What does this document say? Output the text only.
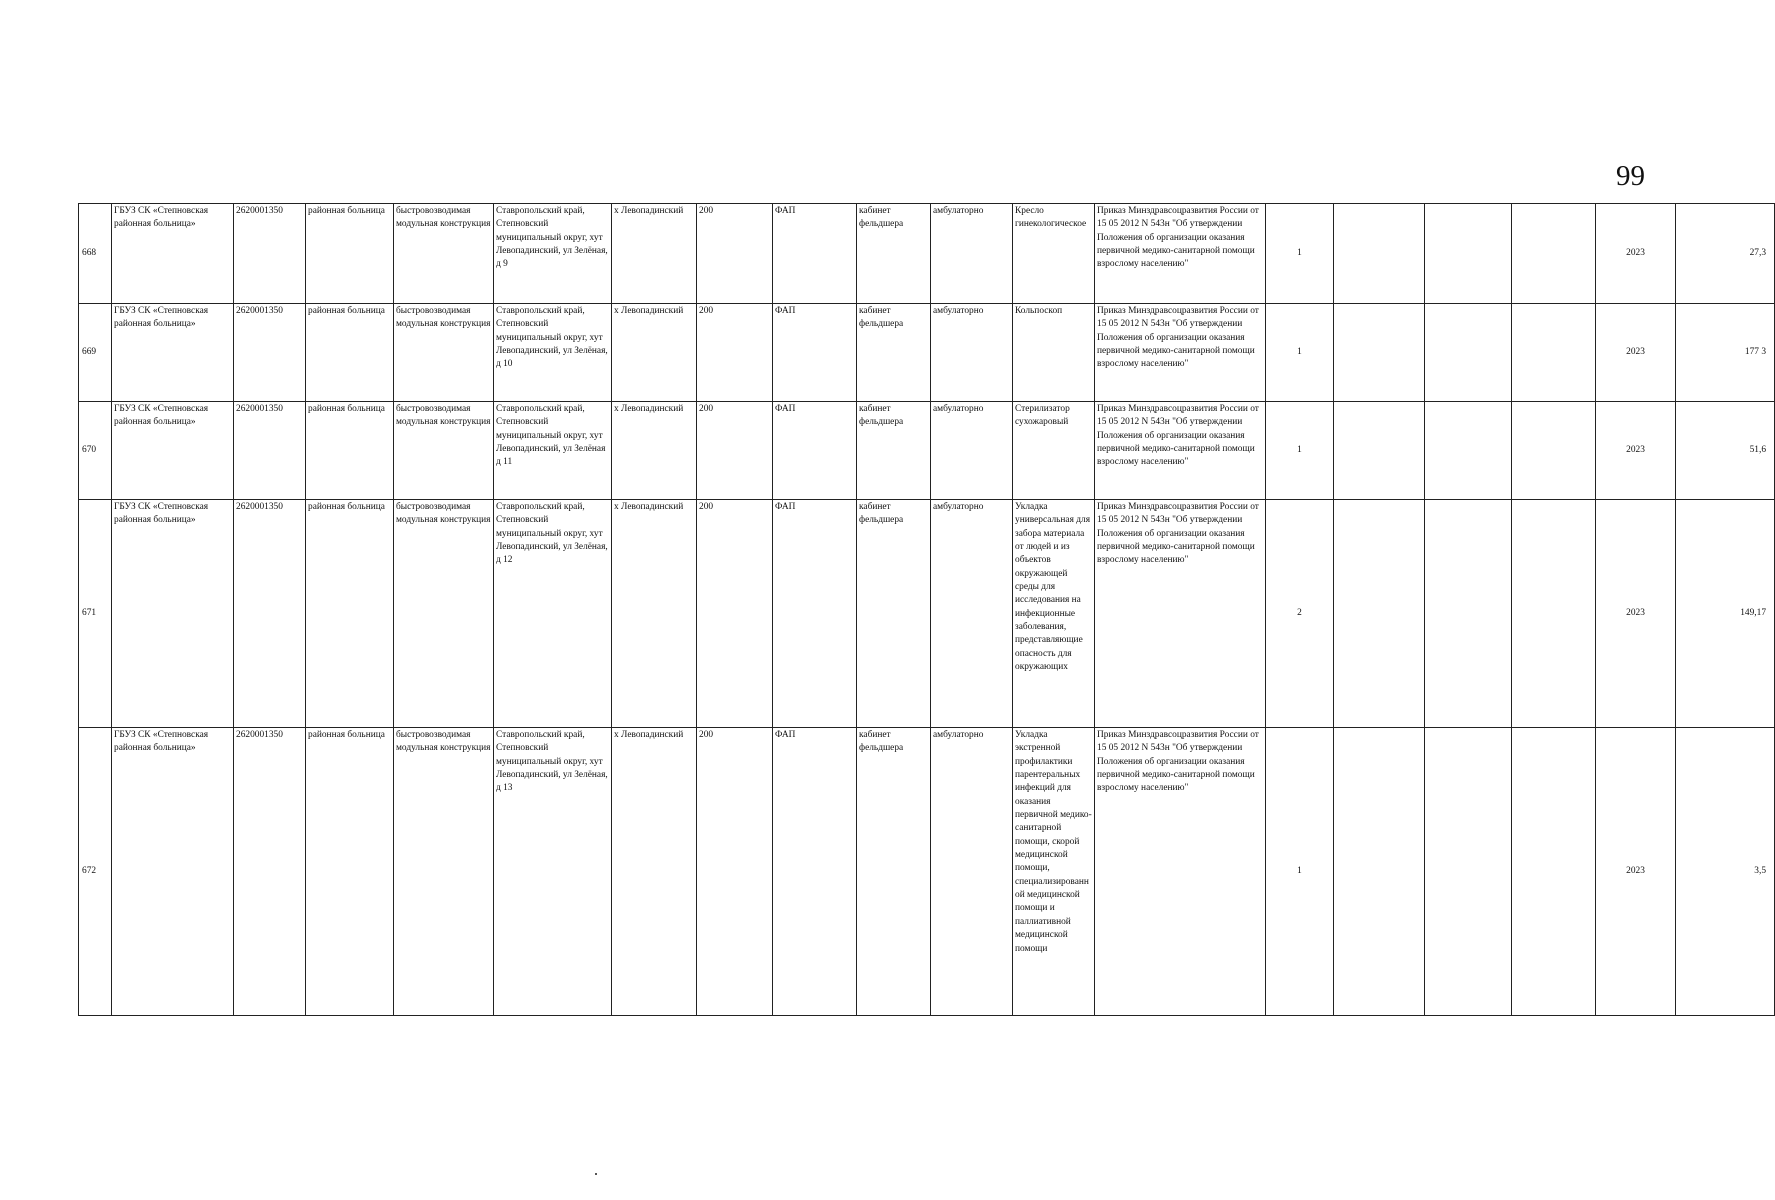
99
668	ГБУЗ СК «Степновская районная больница»	2620001350	районная больница	быстровозводимая модульная конструкция	Ставропольский край, Степновский муниципальный округ, хут Левопадинский, ул Зелёная, д 9	х Левопадинский	200	ФАП	кабинет фельдшера	амбулаторно	Кресло гинекологическое	Приказ Минздравсоцразвития России от 15 05 2012 N 543н "Об утверждении Положения об организации оказания первичной медико-санитарной помощи взрослому населению"	1				2023	27,3
669	ГБУЗ СК «Степновская районная больница»	2620001350	районная больница	быстровозводимая модульная конструкция	Ставропольский край, Степновский муниципальный округ, хут Левопадинский, ул Зелёная, д 10	х Левопадинский	200	ФАП	кабинет фельдшера	амбулаторно	Кольпоскоп	Приказ Минздравсоцразвития России от 15 05 2012 N 543н "Об утверждении Положения об организации оказания первичной медико-санитарной помощи взрослому населению"	1				2023	177 3
670	ГБУЗ СК «Степновская районная больница»	2620001350	районная больница	быстровозводимая модульная конструкция	Ставропольский край, Степновский муниципальный округ, хут Левопадинский, ул Зелёная д 11	х Левопадинский	200	ФАП	кабинет фельдшера	амбулаторно	Стерилизатор сухожаровый	Приказ Минздравсоцразвития России от 15 05 2012 N 543н "Об утверждении Положения об организации оказания первичной медико-санитарной помощи взрослому населению"	1				2023	51,6
671	ГБУЗ СК «Степновская районная больница»	2620001350	районная больница	быстровозводимая модульная конструкция	Ставропольский край, Степновский муниципальный округ, хут Левопадинский, ул Зелёная, д 12	х Левопадинский	200	ФАП	кабинет фельдшера	амбулаторно	Укладка универсальная для забора материала от людей и из объектов окружающей среды для исследования на инфекционные заболевания, представляющие опасность для окружающих	Приказ Минздравсоцразвития России от 15 05 2012 N 543н "Об утверждении Положения об организации оказания первичной медико-санитарной помощи взрослому населению"	2				2023	149,17
672	ГБУЗ СК «Степновская районная больница»	2620001350	районная больница	быстровозводимая модульная конструкция	Ставропольский край, Степновский муниципальный округ, хут Левопадинский, ул Зелёная, д 13	х Левопадинский	200	ФАП	кабинет фельдшера	амбулаторно	Укладка экстренной профилактики парентеральных инфекций для оказания первичной медико-санитарной помощи, скорой медицинской помощи, специализированной медицинской помощи и паллиативной медицинской помощи	Приказ Минздравсоцразвития России от 15 05 2012 N 543н "Об утверждении Положения об организации оказания первичной медико-санитарной помощи взрослому населению"	1				2023	3,5
